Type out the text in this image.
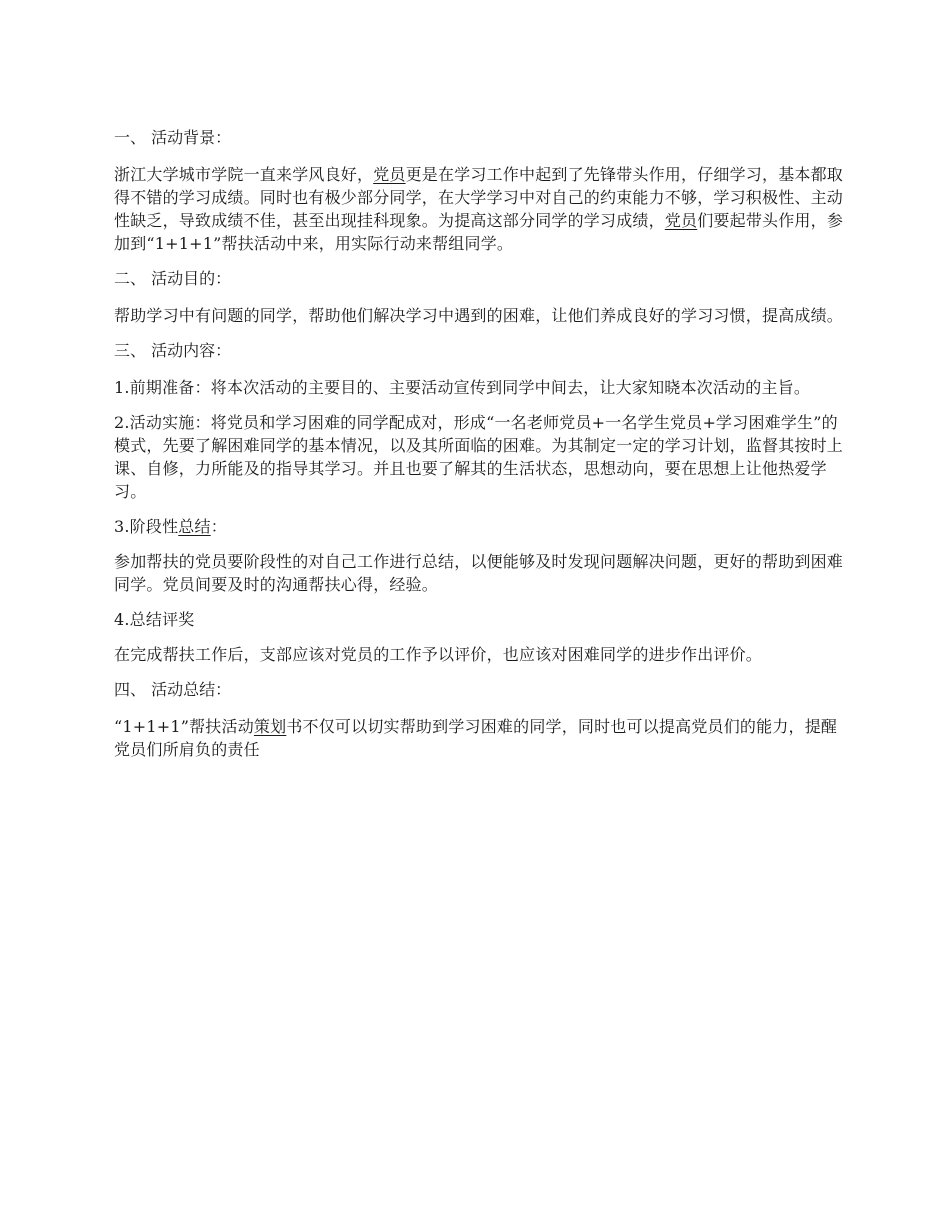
一、 活动背景：

浙江大学城市学院一直来学风良好，党员更是在学习工作中起到了先锋带头作用，仔细学习，基本都取得不错的学习成绩。同时也有极少部分同学，在大学学习中对自己的约束能力不够，学习积极性、主动性缺乏，导致成绩不佳，甚至出现挂科现象。为提高这部分同学的学习成绩，党员们要起带头作用，参加到“1+1+1”帮扶活动中来，用实际行动来帮组同学。

二、 活动目的：

帮助学习中有问题的同学，帮助他们解决学习中遇到的困难，让他们养成良好的学习习惯，提高成绩。

三、 活动内容：

1.前期准备：将本次活动的主要目的、主要活动宣传到同学中间去，让大家知晓本次活动的主旨。

2.活动实施：将党员和学习困难的同学配成对，形成“一名老师党员+一名学生党员+学习困难学生”的模式，先要了解困难同学的基本情况，以及其所面临的困难。为其制定一定的学习计划，监督其按时上课、自修，力所能及的指导其学习。并且也要了解其的生活状态，思想动向，要在思想上让他热爱学习。

3.阶段性总结：

参加帮扶的党员要阶段性的对自己工作进行总结，以便能够及时发现问题解决问题，更好的帮助到困难同学。党员间要及时的沟通帮扶心得，经验。

4.总结评奖

在完成帮扶工作后，支部应该对党员的工作予以评价，也应该对困难同学的进步作出评价。

四、 活动总结：

“1+1+1”帮扶活动策划书不仅可以切实帮助到学习困难的同学，同时也可以提高党员们的能力，提醒党员们所肩负的责任
